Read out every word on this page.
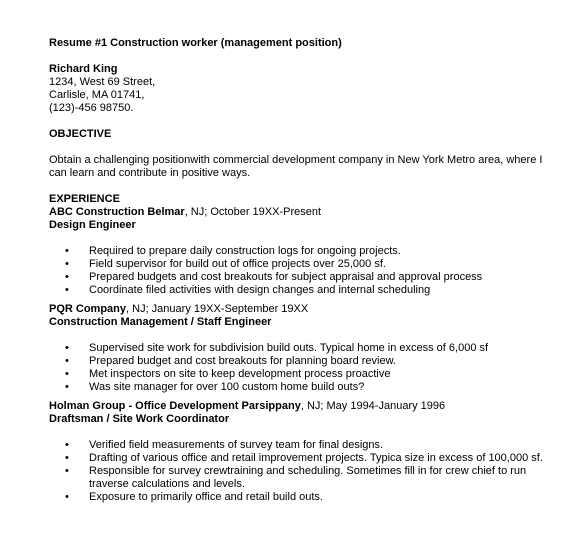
Resume #1 Construction worker (management position)
Richard King
1234, West 69 Street,
Carlisle, MA 01741,
(123)-456 98750.
OBJECTIVE
Obtain a challenging positionwith commercial development company in New York Metro area, where I can learn and contribute in positive ways.
EXPERIENCE
ABC Construction Belmar, NJ; October 19XX-Present
Design Engineer
• Required to prepare daily construction logs for ongoing projects.
• Field supervisor for build out of office projects over 25,000 sf.
• Prepared budgets and cost breakouts for subject appraisal and approval process
• Coordinate filed activities with design changes and internal scheduling
PQR Company, NJ; January 19XX-September 19XX
Construction Management / Staff Engineer
• Supervised site work for subdivision build outs. Typical home in excess of 6,000 sf
• Prepared budget and cost breakouts for planning board review.
• Met inspectors on site to keep development process proactive
• Was site manager for over 100 custom home build outs?
Holman Group - Office Development Parsippany, NJ; May 1994-January 1996
Draftsman / Site Work Coordinator
• Verified field measurements of survey team for final designs.
• Drafting of various office and retail improvement projects. Typica size in excess of 100,000 sf.
• Responsible for survey crewtraining and scheduling. Sometimes fill in for crew chief to run traverse calculations and levels.
• Exposure to primarily office and retail build outs.
